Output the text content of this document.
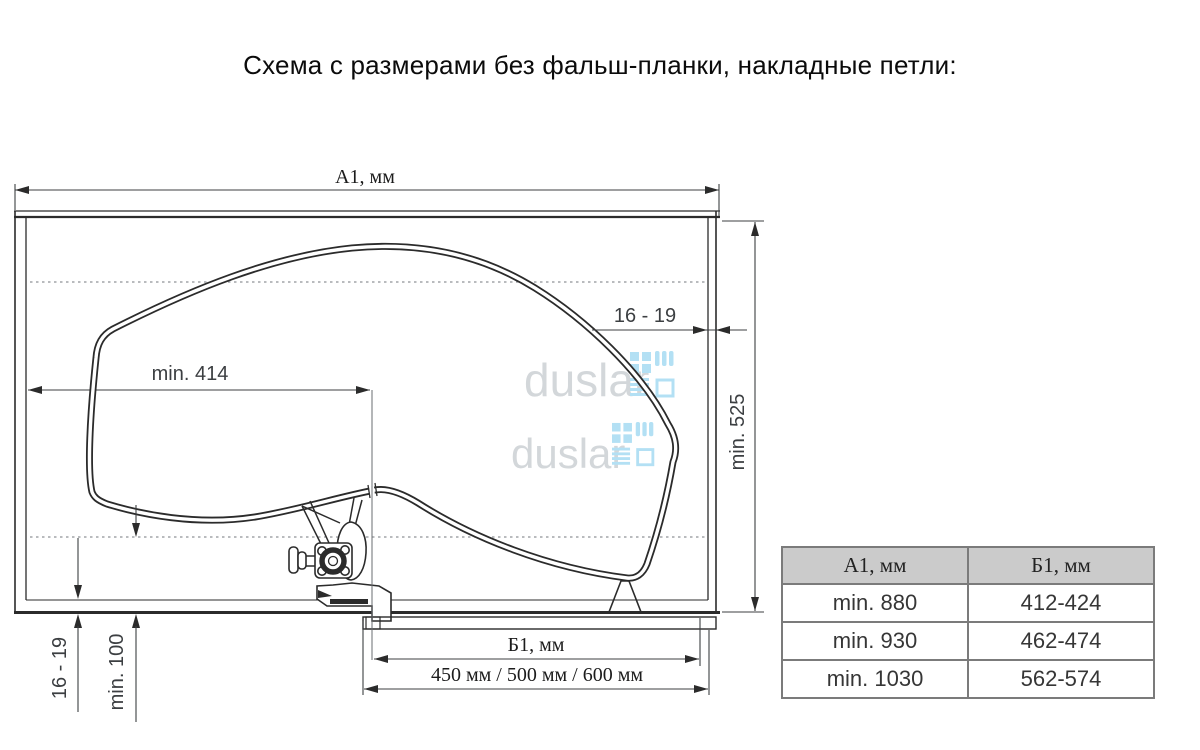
Схема с размерами без фальш-планки, накладные петли:
duslar
duslar
A1, мм
min. 414
16 - 19
min. 525
16 - 19 min. 100	Б1, мм
450 мм / 500 мм / 600 мм
А1, мм	Б1, мм
min. 880	412-424
min. 930	462-474
min. 1030	562-574
